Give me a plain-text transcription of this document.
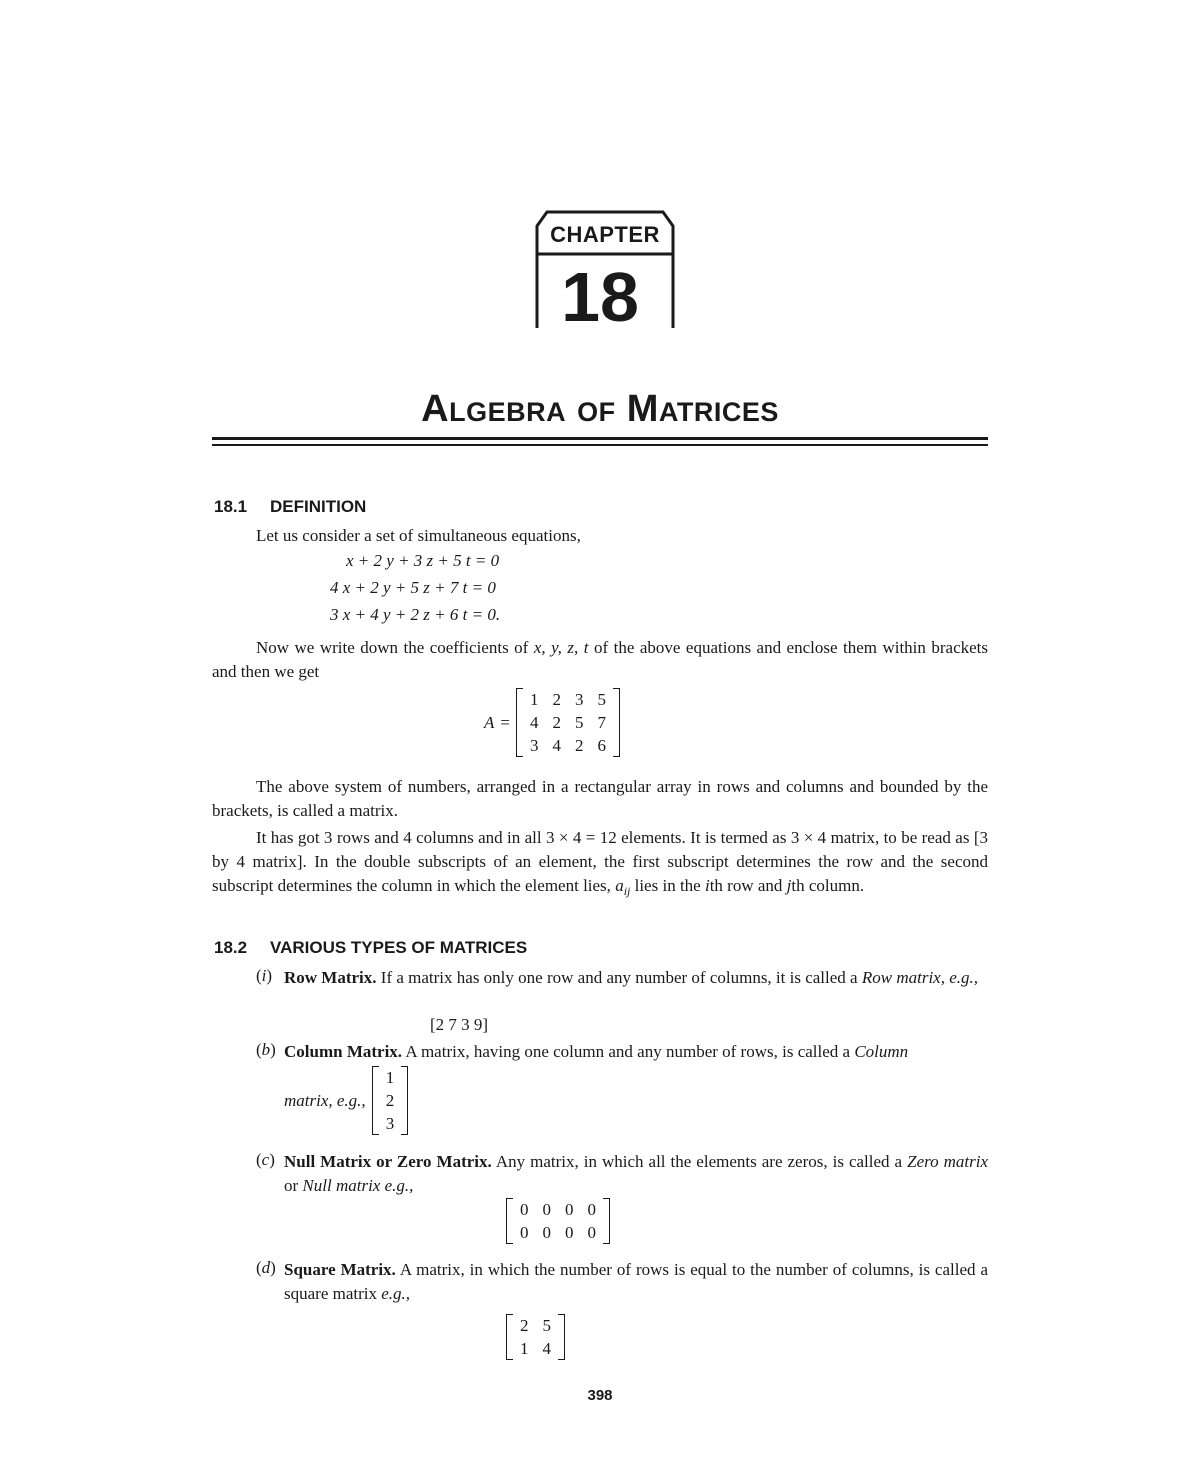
CHAPTER
18
Algebra of Matrices
18.1 DEFINITION
Let us consider a set of simultaneous equations,
x + 2 y + 3 z + 5 t = 0
4 x + 2 y + 5 z + 7 t = 0
3 x + 4 y + 2 z + 6 t = 0.
Now we write down the coefficients of x, y, z, t of the above equations and enclose them within brackets and then we get
A =
1	2	3	5
4	2	5	7
3	4	2	6
The above system of numbers, arranged in a rectangular array in rows and columns and bounded by the brackets, is called a matrix.
It has got 3 rows and 4 columns and in all 3 × 4 = 12 elements. It is termed as 3 × 4 matrix, to be read as [3 by 4 matrix]. In the double subscripts of an element, the first subscript determines the row and the second subscript determines the column in which the element lies, $a_{ij}$ lies in the ith row and jth column.
18.2 VARIOUS TYPES OF MATRICES
(i) Row Matrix. If a matrix has only one row and any number of columns, it is called a Row matrix, e.g.,
[2 7 3 9]
(b) Column Matrix. A matrix, having one column and any number of rows, is called a Column
matrix, e.g.,
1
2
3
(c) Null Matrix or Zero Matrix. Any matrix, in which all the elements are zeros, is called a Zero matrix or Null matrix e.g.,
0	0	0	0
0	0	0	0
(d) Square Matrix. A matrix, in which the number of rows is equal to the number of columns, is called a square matrix e.g.,
2	5
1	4
398
